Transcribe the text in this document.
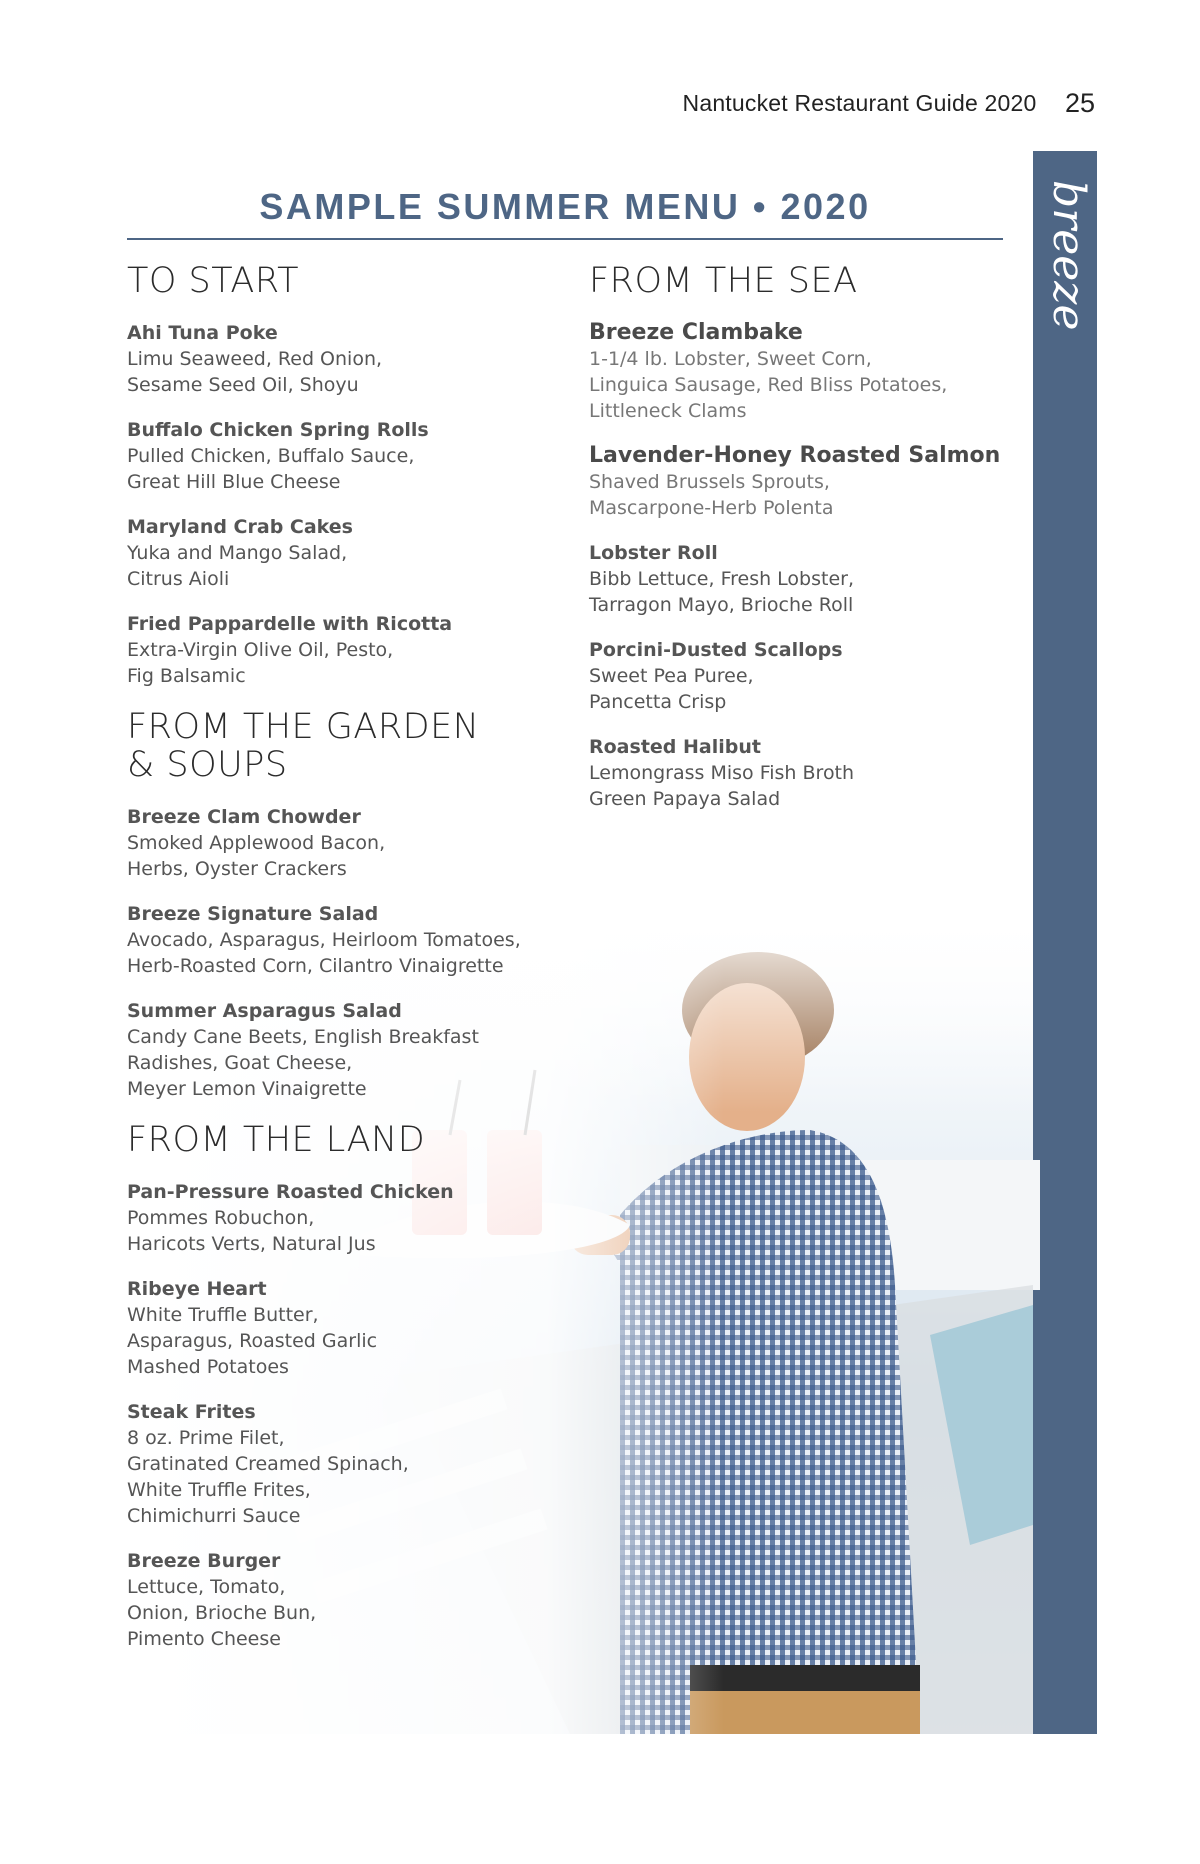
Nantucket Restaurant Guide 2020 25
breeze
SAMPLE SUMMER MENU • 2020
TO START
Ahi Tuna Poke
Limu Seaweed, Red Onion,
Sesame Seed Oil, Shoyu
Buffalo Chicken Spring Rolls
Pulled Chicken, Buffalo Sauce,
Great Hill Blue Cheese
Maryland Crab Cakes
Yuka and Mango Salad,
Citrus Aioli
Fried Pappardelle with Ricotta
Extra-Virgin Olive Oil, Pesto,
Fig Balsamic
FROM THE GARDEN
& SOUPS
Breeze Clam Chowder
Smoked Applewood Bacon,
Herbs, Oyster Crackers
Breeze Signature Salad
Avocado, Asparagus, Heirloom Tomatoes,
Herb-Roasted Corn, Cilantro Vinaigrette
Summer Asparagus Salad
Candy Cane Beets, English Breakfast
Radishes, Goat Cheese,
Meyer Lemon Vinaigrette
FROM THE LAND
Pan-Pressure Roasted Chicken
Pommes Robuchon,
Haricots Verts, Natural Jus
Ribeye Heart
White Truffle Butter,
Asparagus, Roasted Garlic
Mashed Potatoes
Steak Frites
8 oz. Prime Filet,
Gratinated Creamed Spinach,
White Truffle Frites,
Chimichurri Sauce
Breeze Burger
Lettuce, Tomato,
Onion, Brioche Bun,
Pimento Cheese
FROM THE SEA
Breeze Clambake
1-1/4 lb. Lobster, Sweet Corn,
Linguica Sausage, Red Bliss Potatoes,
Littleneck Clams
Lavender-Honey Roasted Salmon
Shaved Brussels Sprouts,
Mascarpone-Herb Polenta
Lobster Roll
Bibb Lettuce, Fresh Lobster,
Tarragon Mayo, Brioche Roll
Porcini-Dusted Scallops
Sweet Pea Puree,
Pancetta Crisp
Roasted Halibut
Lemongrass Miso Fish Broth
Green Papaya Salad
